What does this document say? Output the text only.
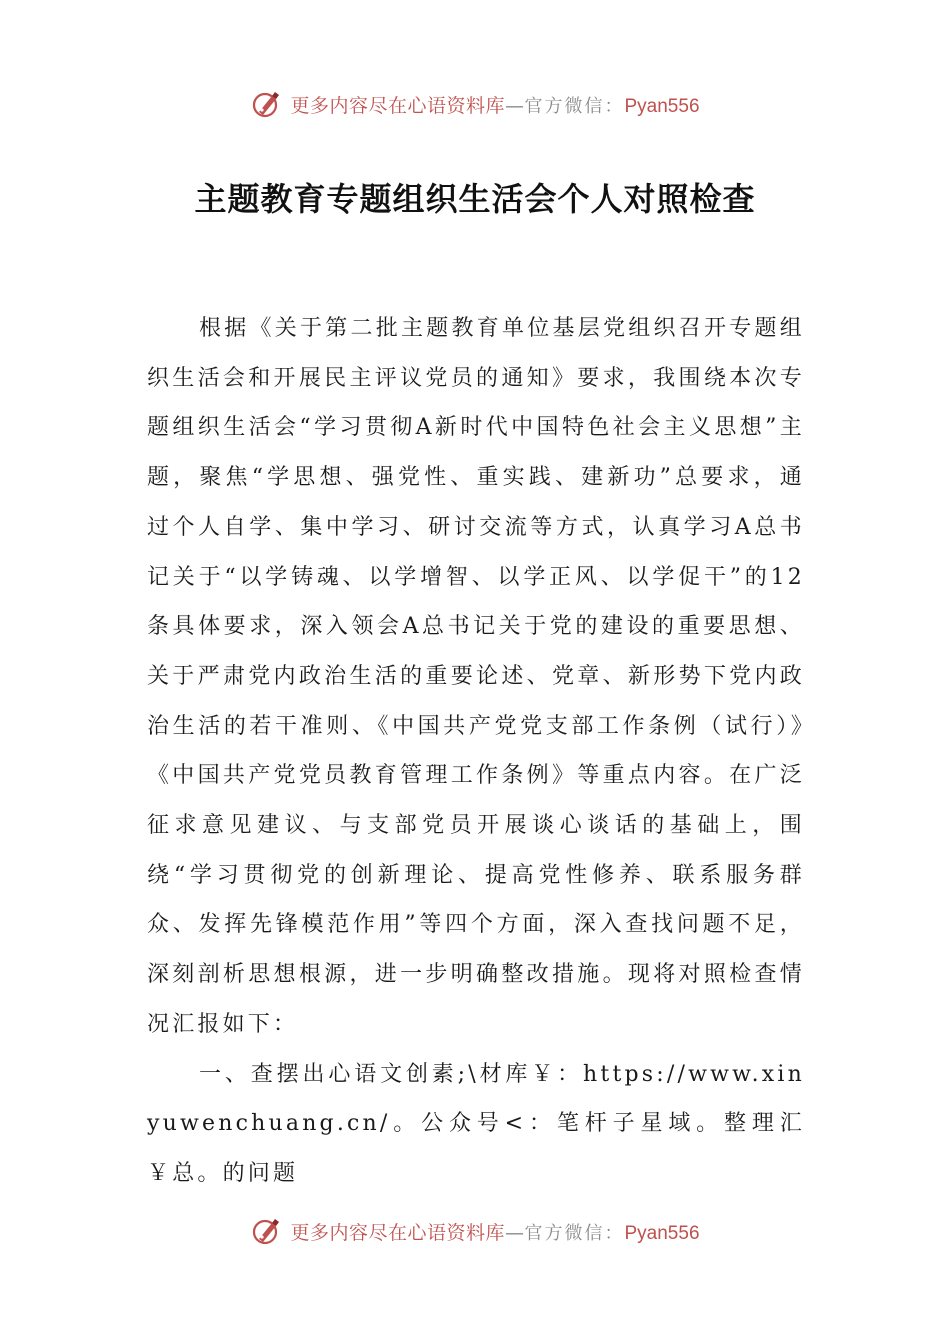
更多内容尽在心语资料库—官方微信：Pyan556
主题教育专题组织生活会个人对照检查

根据《关于第二批主题教育单位基层党组织召开专题组织生活会和开展民主评议党员的通知》要求，我围绕本次专题组织生活会“学习贯彻A新时代中国特色社会主义思想”主题，聚焦“学思想、强党性、重实践、建新功”总要求，通过个人自学、集中学习、研讨交流等方式，认真学习A总书记关于“以学铸魂、以学增智、以学正风、以学促干”的12条具体要求，深入领会A总书记关于党的建设的重要思想、关于严肃党内政治生活的重要论述、党章、新形势下党内政治生活的若干准则、《中国共产党党支部工作条例（试行）》《中国共产党党员教育管理工作条例》等重点内容。在广泛征求意见建议、与支部党员开展谈心谈话的基础上，围绕“学习贯彻党的创新理论、提高党性修养、联系服务群众、发挥先锋模范作用”等四个方面，深入查找问题不足，深刻剖析思想根源，进一步明确整改措施。现将对照检查情况汇报如下：

一、查摆出心语文创素;\材库￥：https://www.xinyuwenchuang.cn/。公众号<：笔杆子星域。整理汇￥总。的问题

更多内容尽在心语资料库—官方微信：Pyan556
